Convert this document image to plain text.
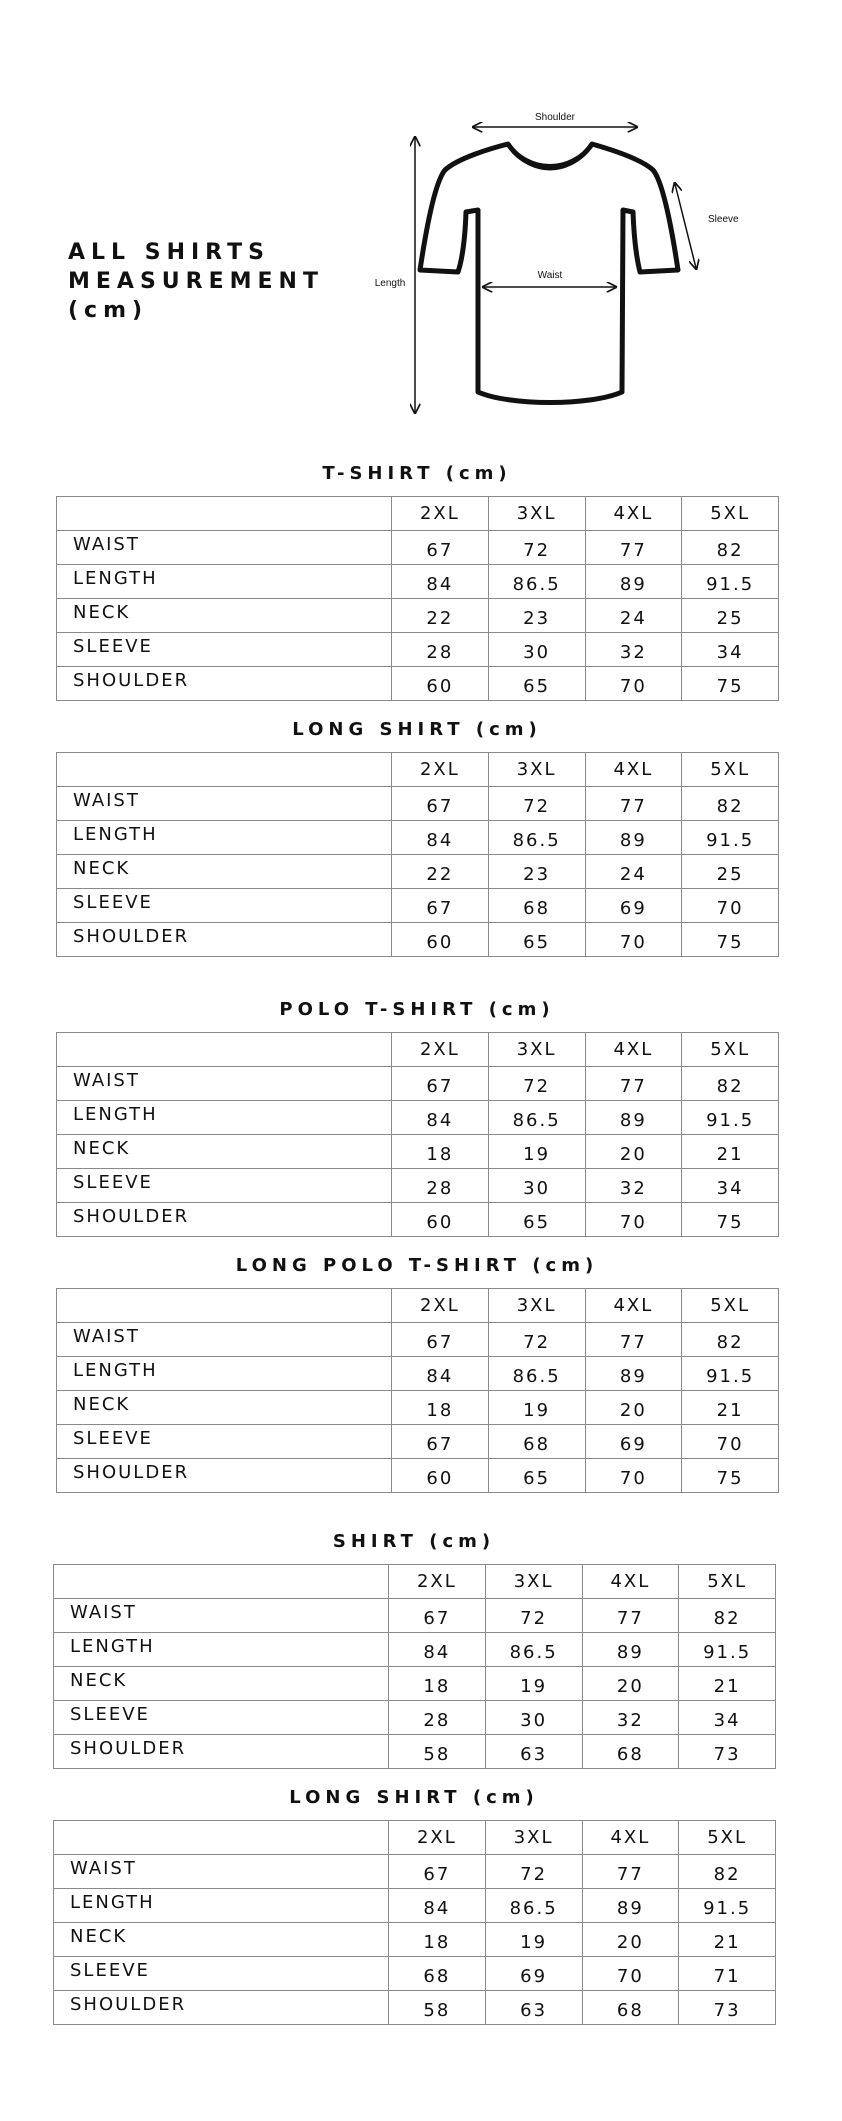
ALL SHIRTS
MEASUREMENT
(cm)
Shoulder
Length
Waist
Sleeve
T-SHIRT (cm)
	2XL	3XL	4XL	5XL
WAIST	67	72	77	82
LENGTH	84	86.5	89	91.5
NECK	22	23	24	25
SLEEVE	28	30	32	34
SHOULDER	60	65	70	75
LONG SHIRT (cm)
	2XL	3XL	4XL	5XL
WAIST	67	72	77	82
LENGTH	84	86.5	89	91.5
NECK	22	23	24	25
SLEEVE	67	68	69	70
SHOULDER	60	65	70	75
POLO T-SHIRT (cm)
	2XL	3XL	4XL	5XL
WAIST	67	72	77	82
LENGTH	84	86.5	89	91.5
NECK	18	19	20	21
SLEEVE	28	30	32	34
SHOULDER	60	65	70	75
LONG POLO T-SHIRT (cm)
	2XL	3XL	4XL	5XL
WAIST	67	72	77	82
LENGTH	84	86.5	89	91.5
NECK	18	19	20	21
SLEEVE	67	68	69	70
SHOULDER	60	65	70	75
SHIRT (cm)
	2XL	3XL	4XL	5XL
WAIST	67	72	77	82
LENGTH	84	86.5	89	91.5
NECK	18	19	20	21
SLEEVE	28	30	32	34
SHOULDER	58	63	68	73
LONG SHIRT (cm)
	2XL	3XL	4XL	5XL
WAIST	67	72	77	82
LENGTH	84	86.5	89	91.5
NECK	18	19	20	21
SLEEVE	68	69	70	71
SHOULDER	58	63	68	73
